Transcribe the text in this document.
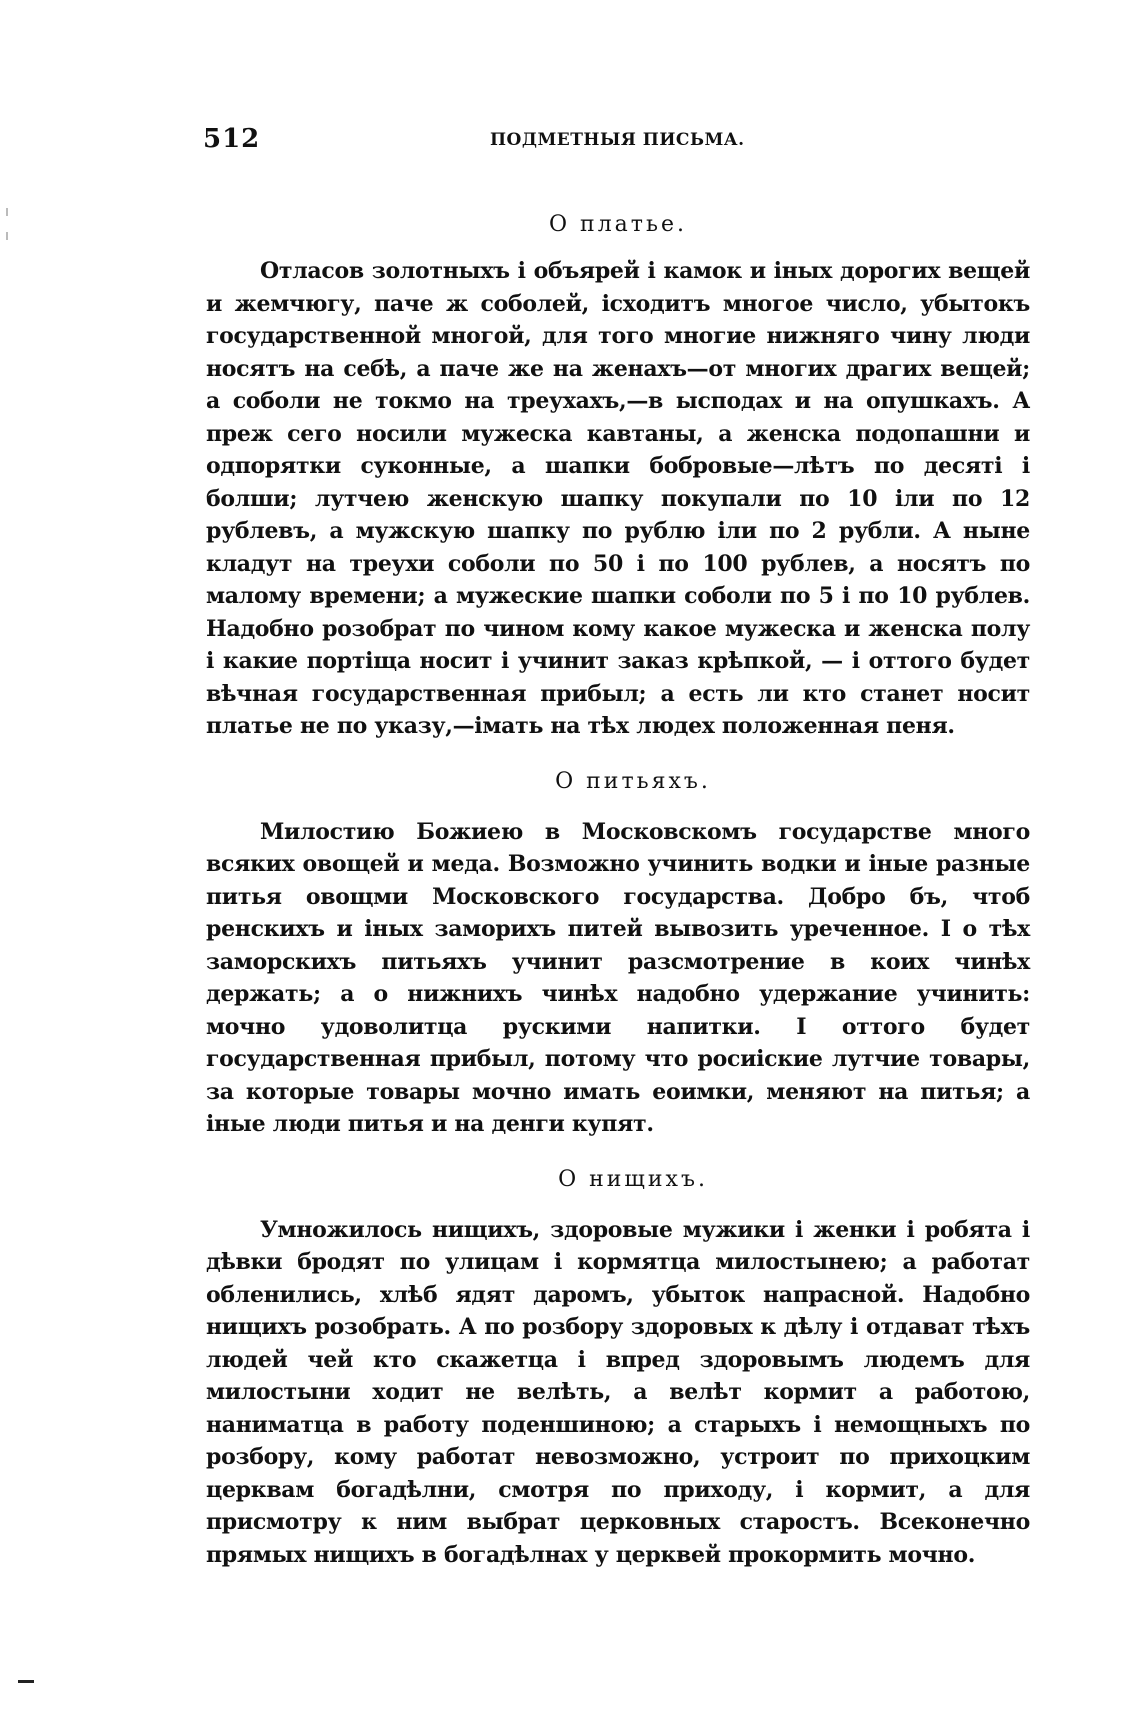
512	ПОДМЕТНЫЯ ПИСЬМА.
О платье.

Отласов золотныхъ і объярей і камок и іных дорогих вещей и жемчюгу, паче ж соболей, ісходитъ многое число, убытокъ государственной многой, для того многие нижняго чину люди носятъ на себѣ, а паче же на женахъ—от многих драгих вещей; а соболи не токмо на треухахъ,—в ысподах и на опушкахъ. А преж сего носили мужеска кавтаны, а женска подопашни и одпорятки суконные, а шапки бобровые—лѣтъ по десяті і болши; лутчею женскую шапку покупали по 10 іли по 12 рублевъ, а мужскую шапку по рублю іли по 2 рубли. А ныне кладут на треухи соболи по 50 і по 100 рублев, а носятъ по малому времени; а мужеские шапки соболи по 5 і по 10 рублев. Надобно розобрат по чином кому какое мужеска и женска полу і какие портіща носит і учинит заказ крѣпкой, — і оттого будет вѣчная государственная прибыл; а есть ли кто станет носит платье не по указу,—імать на тѣх людех положенная пеня.

О питьяхъ.

Милостию Божиею в Московскомъ государстве много всяких овощей и меда. Возможно учинить водки и іные разные питья овощми Московского государства. Добро бъ, чтоб ренскихъ и іных заморихъ питей вывозить уреченное. І о тѣх заморскихъ питьяхъ учинит разсмотрение в коих чинѣх держать; а о нижнихъ чинѣх надобно удержание учинить: мочно удоволитца рускими напитки. І оттого будет государственная прибыл, потому что росиіские лутчие товары, за которые товары мочно имать еоимки, меняют на питья; а іные люди питья и на денги купят.

О нищихъ.

Умножилось нищихъ, здоровые мужики і женки і робята і дѣвки бродят по улицам і кормятца милостынею; а работат обленились, хлѣб ядят даромъ, убыток напрасной. Надобно нищихъ розобрать. А по розбору здоровых к дѣлу і отдават тѣхъ людей чей кто скажетца і впред здоровымъ людемъ для милостыни ходит не велѣть, а велѣт кормит а работою, наниматца в работу поденшиною; а старыхъ і немощныхъ по розбору, кому работат невозможно, устроит по прихоцким церквам богадѣлни, смотря по приходу, і кормит, а для присмотру к ним выбрат церковных старостъ. Всеконечно прямых нищихъ в богадѣлнах у церквей прокормить мочно.
